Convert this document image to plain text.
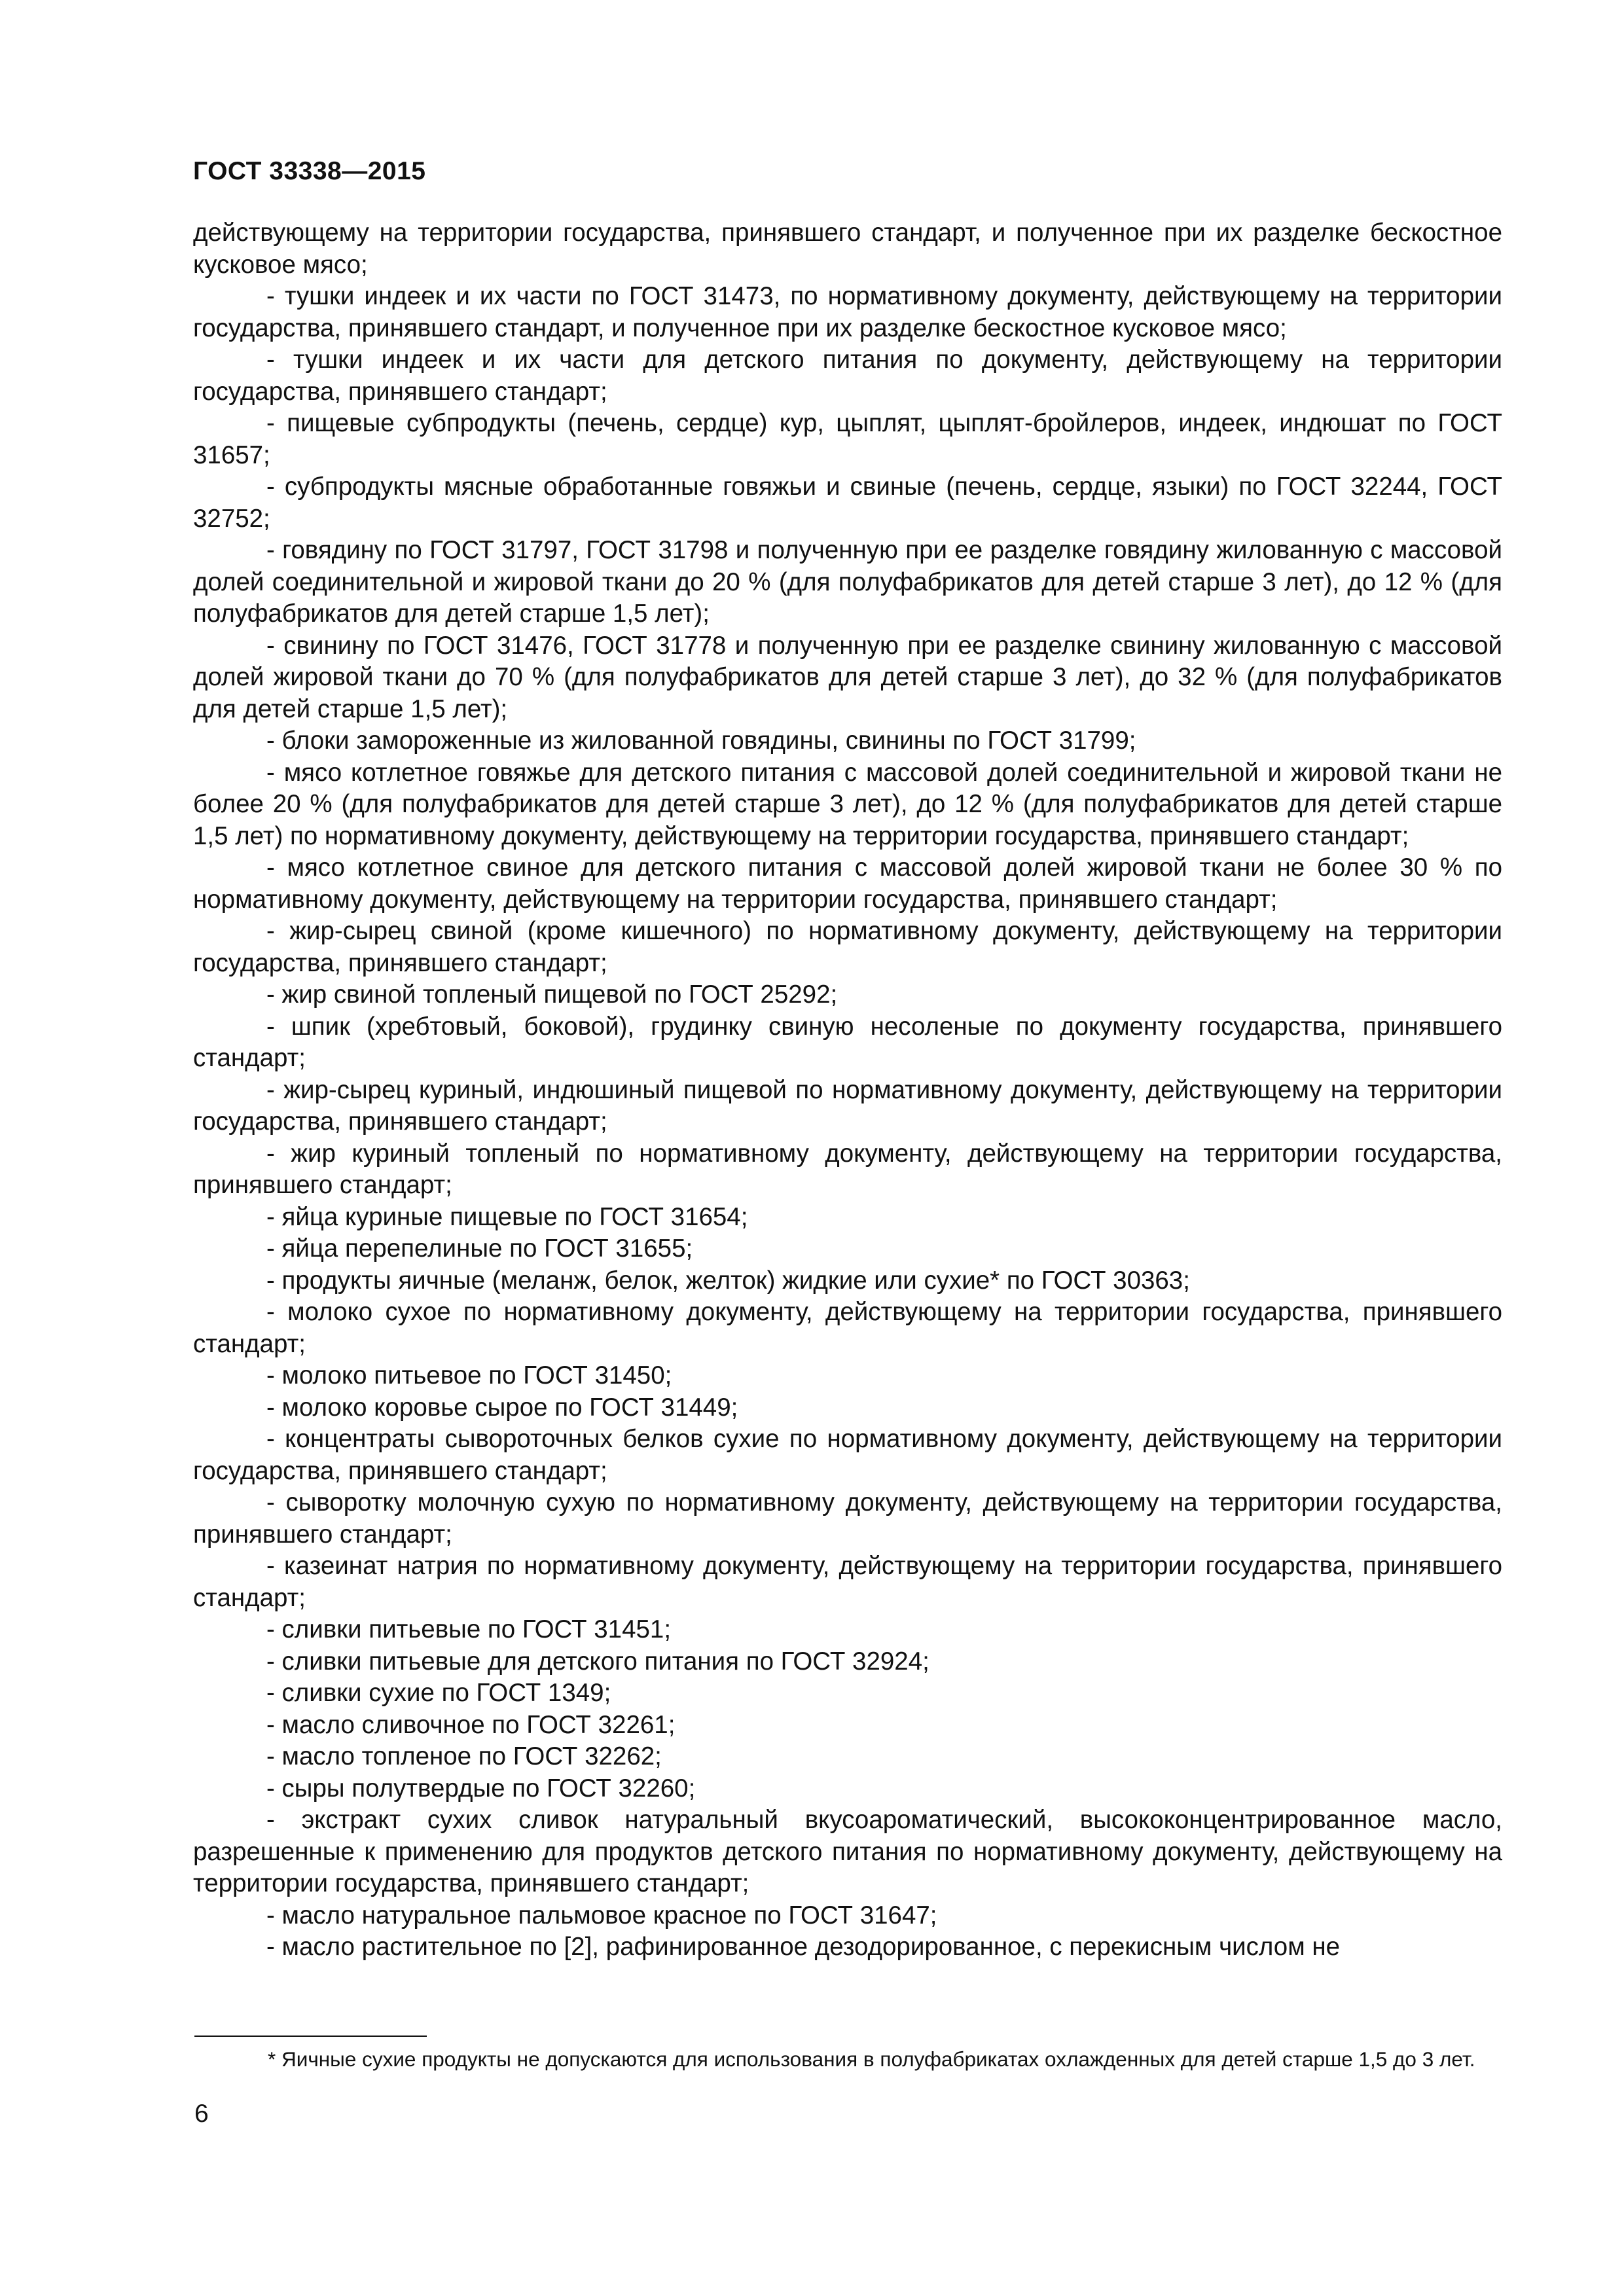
ГОСТ 33338—2015

действующему на территории государства, принявшего стандарт, и полученное при их разделке бескостное кусковое мясо;

- тушки индеек и их части по ГОСТ 31473, по нормативному документу, действующему на территории государства, принявшего стандарт, и полученное при их разделке бескостное кусковое мясо;

- тушки индеек и их части для детского питания по документу, действующему на территории государства, принявшего стандарт;

- пищевые субпродукты (печень, сердце) кур, цыплят, цыплят-бройлеров, индеек, индюшат по ГОСТ 31657;

- субпродукты мясные обработанные говяжьи и свиные (печень, сердце, языки) по ГОСТ 32244, ГОСТ 32752;

- говядину по ГОСТ 31797, ГОСТ 31798 и полученную при ее разделке говядину жилованную с массовой долей соединительной и жировой ткани до 20 % (для полуфабрикатов для детей старше 3 лет), до 12 % (для полуфабрикатов для детей старше 1,5 лет);

- свинину по ГОСТ 31476, ГОСТ 31778 и полученную при ее разделке свинину жилованную с массовой долей жировой ткани до 70 % (для полуфабрикатов для детей старше 3 лет), до 32 % (для полуфабрикатов для детей старше 1,5 лет);

- блоки замороженные из жилованной говядины, свинины по ГОСТ 31799;

- мясо котлетное говяжье для детского питания с массовой долей соединительной и жировой ткани не более 20 % (для полуфабрикатов для детей старше 3 лет), до 12 % (для полуфабрикатов для детей старше 1,5 лет) по нормативному документу, действующему на территории государства, принявшего стандарт;

- мясо котлетное свиное для детского питания с массовой долей жировой ткани не более 30 % по нормативному документу, действующему на территории государства, принявшего стандарт;

- жир-сырец свиной (кроме кишечного) по нормативному документу, действующему на территории государства, принявшего стандарт;

- жир свиной топленый пищевой по ГОСТ 25292;

- шпик (хребтовый, боковой), грудинку свиную несоленые по документу государства, принявшего стандарт;

- жир-сырец куриный, индюшиный пищевой по нормативному документу, действующему на территории государства, принявшего стандарт;

- жир куриный топленый по нормативному документу, действующему на территории государства, принявшего стандарт;

- яйца куриные пищевые по ГОСТ 31654;

- яйца перепелиные по ГОСТ 31655;

- продукты яичные (меланж, белок, желток) жидкие или сухие* по ГОСТ 30363;

- молоко сухое по нормативному документу, действующему на территории государства, принявшего стандарт;

- молоко питьевое по ГОСТ 31450;

- молоко коровье сырое по ГОСТ 31449;

- концентраты сывороточных белков сухие по нормативному документу, действующему на территории государства, принявшего стандарт;

- сыворотку молочную сухую по нормативному документу, действующему на территории государства, принявшего стандарт;

- казеинат натрия по нормативному документу, действующему на территории государства, принявшего стандарт;

- сливки питьевые по ГОСТ 31451;

- сливки питьевые для детского питания по ГОСТ 32924;

- сливки сухие по ГОСТ 1349;

- масло сливочное по ГОСТ 32261;

- масло топленое по ГОСТ 32262;

- сыры полутвердые по ГОСТ 32260;

- экстракт сухих сливок натуральный вкусоароматический, высококонцентрированное масло, разрешенные к применению для продуктов детского питания по нормативному документу, действующему на территории государства, принявшего стандарт;

- масло натуральное пальмовое красное по ГОСТ 31647;

- масло растительное по [2], рафинированное дезодорированное, с перекисным числом не

* Яичные сухие продукты не допускаются для использования в полуфабрикатах охлажденных для детей старше 1,5 до 3 лет.
6
